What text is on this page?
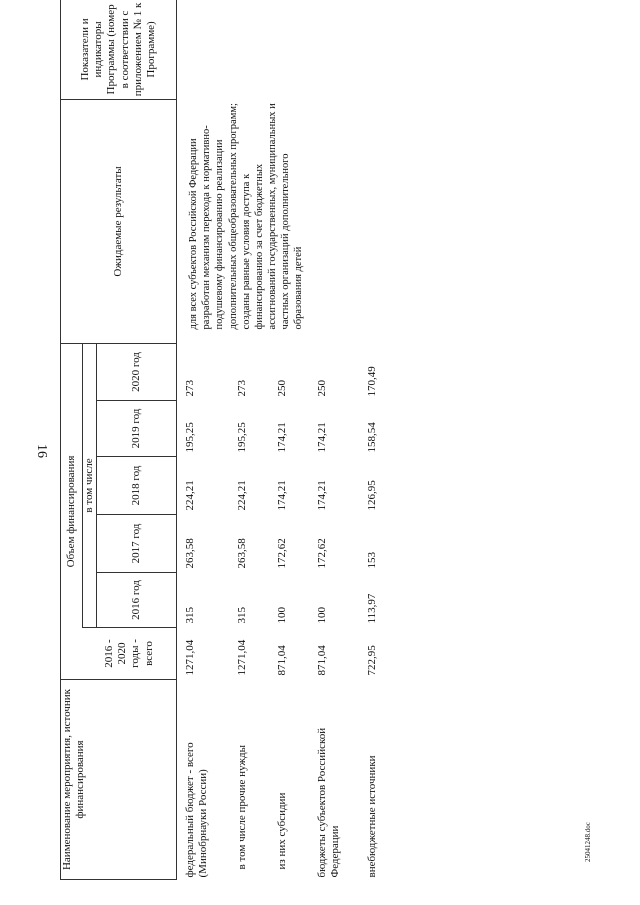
16
25041248.doc
Наименование мероприятия, источник финансирования	Объем финансирования						Ожидаемые результаты	Показатели и индикаторы Программы (номер в соответствии с приложением № 1 к Программе)
	2016 - 2020 годы - всего	в том числе						
		2016 год	2017 год	2018 год	2019 год	2020 год		
федеральный бюджет - всего (Минобрнауки России)	1271,04	315	263,58	224,21	195,25	273	для всех субъектов Российской Федерации разработан механизм перехода к нормативно-подушевому финансированию реализации дополнительных общеобразовательных программ; созданы равные условия доступа к финансированию за счет бюджетных ассигнований государственных, муниципальных и частных организаций дополнительного образования детей	
в том числе прочие нужды	1271,04	315	263,58	224,21	195,25	273		
из них субсидии	871,04	100	172,62	174,21	174,21	250		
бюджеты субъектов Российской Федерации	871,04	100	172,62	174,21	174,21	250		
внебюджетные источники	722,95	113,97	153	126,95	158,54	170,49		
